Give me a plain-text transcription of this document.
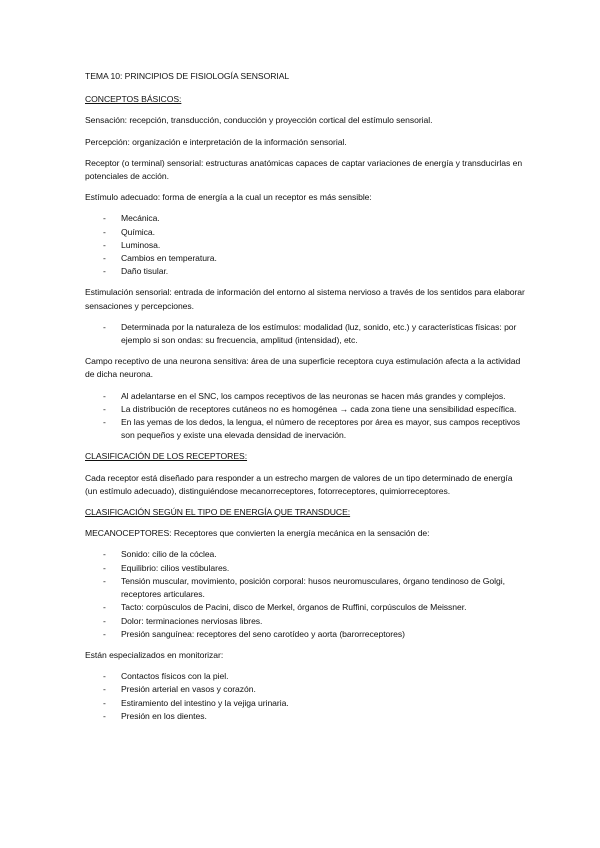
TEMA 10: PRINCIPIOS DE FISIOLOGÍA SENSORIAL
CONCEPTOS BÁSICOS:

Sensación: recepción, transducción, conducción y proyección cortical del estímulo sensorial.

Percepción: organización e interpretación de la información sensorial.

Receptor (o terminal) sensorial: estructuras anatómicas capaces de captar variaciones de energía y transducirlas en potenciales de acción.

Estímulo adecuado: forma de energía a la cual un receptor es más sensible:

- Mecánica.
- Química.
- Luminosa.
- Cambios en temperatura.
- Daño tisular.

Estimulación sensorial: entrada de información del entorno al sistema nervioso a través de los sentidos para elaborar sensaciones y percepciones.

- Determinada por la naturaleza de los estímulos: modalidad (luz, sonido, etc.) y características físicas: por ejemplo si son ondas: su frecuencia, amplitud (intensidad), etc.

Campo receptivo de una neurona sensitiva: área de una superficie receptora cuya estimulación afecta a la actividad de dicha neurona.

- Al adelantarse en el SNC, los campos receptivos de las neuronas se hacen más grandes y complejos.
- La distribución de receptores cutáneos no es homogénea → cada zona tiene una sensibilidad específica.
- En las yemas de los dedos, la lengua, el número de receptores por área es mayor, sus campos receptivos son pequeños y existe una elevada densidad de inervación.
CLASIFICACIÓN DE LOS RECEPTORES:

Cada receptor está diseñado para responder a un estrecho margen de valores de un tipo determinado de energía (un estímulo adecuado), distinguiéndose mecanorreceptores, fotorreceptores, quimiorreceptores.

CLASIFICACIÓN SEGÚN EL TIPO DE ENERGÍA QUE TRANSDUCE:

MECANOCEPTORES: Receptores que convierten la energía mecánica en la sensación de:

- Sonido: cilio de la cóclea.
- Equilibrio: cilios vestibulares.
- Tensión muscular, movimiento, posición corporal: husos neuromusculares, órgano tendinoso de Golgi, receptores articulares.
- Tacto: corpúsculos de Pacini, disco de Merkel, órganos de Ruffini, corpúsculos de Meissner.
- Dolor: terminaciones nerviosas libres.
- Presión sanguínea: receptores del seno carotídeo y aorta (barorreceptores)

Están especializados en monitorizar:

- Contactos físicos con la piel.
- Presión arterial en vasos y corazón.
- Estiramiento del intestino y la vejiga urinaria.
- Presión en los dientes.
